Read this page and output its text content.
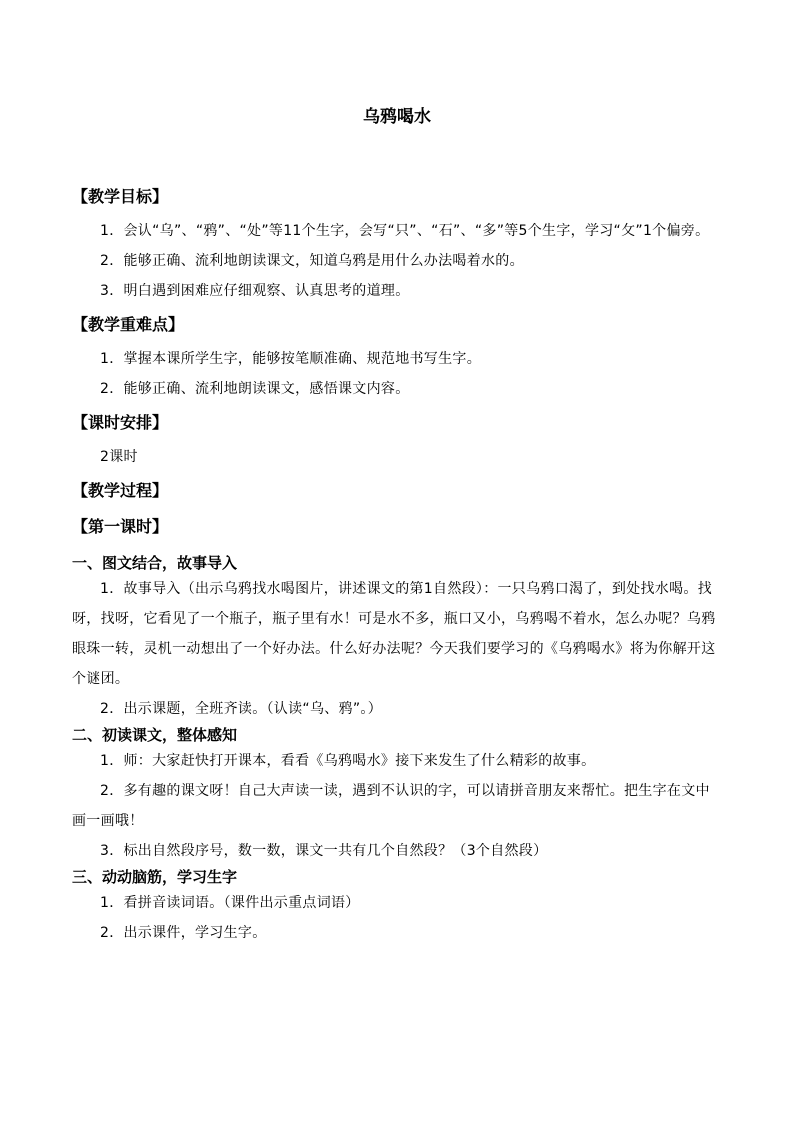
乌鸦喝水
【教学目标】

1．会认“乌”、“鸦”、“处”等11个生字，会写“只”、“石”、“多”等5个生字，学习“攵”1个偏旁。

2．能够正确、流利地朗读课文，知道乌鸦是用什么办法喝着水的。

3．明白遇到困难应仔细观察、认真思考的道理。

【教学重难点】

1．掌握本课所学生字，能够按笔顺准确、规范地书写生字。

2．能够正确、流利地朗读课文，感悟课文内容。

【课时安排】

2课时

【教学过程】
【第一课时】
一、图文结合，故事导入

1．故事导入（出示乌鸦找水喝图片，讲述课文的第1自然段）：一只乌鸦口渴了，到处找水喝。找呀，找呀，它看见了一个瓶子，瓶子里有水！可是水不多，瓶口又小，乌鸦喝不着水，怎么办呢？乌鸦眼珠一转，灵机一动想出了一个好办法。什么好办法呢？今天我们要学习的《乌鸦喝水》将为你解开这个谜团。

2．出示课题，全班齐读。（认读“乌、鸦”。）

二、初读课文，整体感知

1．师：大家赶快打开课本，看看《乌鸦喝水》接下来发生了什么精彩的故事。

2．多有趣的课文呀！自己大声读一读，遇到不认识的字，可以请拼音朋友来帮忙。把生字在文中画一画哦！

3．标出自然段序号，数一数，课文一共有几个自然段？（3个自然段）

三、动动脑筋，学习生字

1．看拼音读词语。（课件出示重点词语）

2．出示课件，学习生字。
